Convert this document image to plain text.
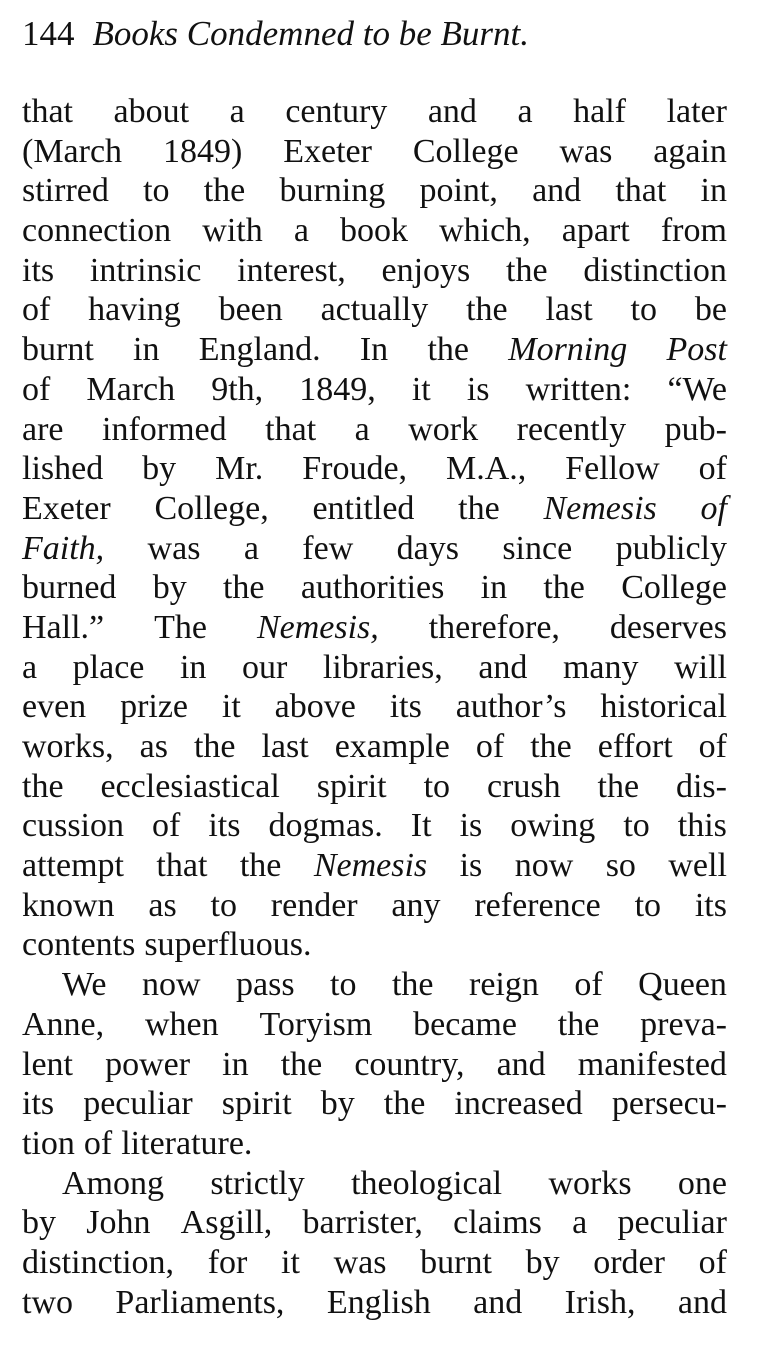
144 Books Condemned to be Burnt.
that about a century and a half later
(March 1849) Exeter College was again
stirred to the burning point, and that in
connection with a book which, apart from
its intrinsic interest, enjoys the distinction
of having been actually the last to be
burnt in England. In the Morning Post
of March 9th, 1849, it is written: “We
are informed that a work recently pub-
lished by Mr. Froude, M.A., Fellow of
Exeter College, entitled the Nemesis of
Faith, was a few days since publicly
burned by the authorities in the College
Hall.” The Nemesis, therefore, deserves
a place in our libraries, and many will
even prize it above its author’s historical
works, as the last example of the effort of
the ecclesiastical spirit to crush the dis-
cussion of its dogmas. It is owing to this
attempt that the Nemesis is now so well
known as to render any reference to its
contents superfluous.
We now pass to the reign of Queen
Anne, when Toryism became the preva-
lent power in the country, and manifested
its peculiar spirit by the increased persecu-
tion of literature.
Among strictly theological works one
by John Asgill, barrister, claims a peculiar
distinction, for it was burnt by order of
two Parliaments, English and Irish, and
